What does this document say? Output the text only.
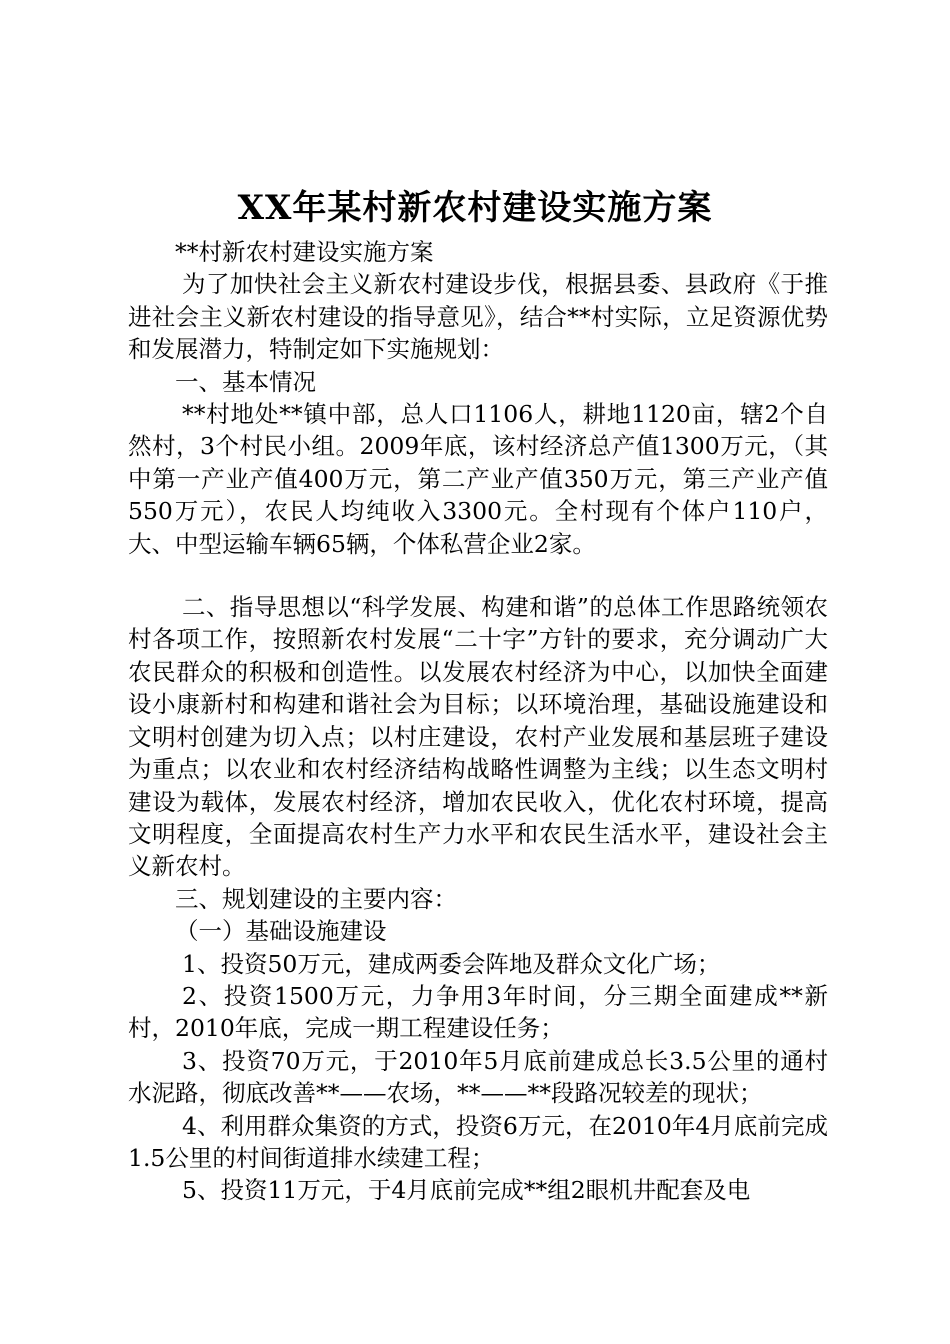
XX年某村新农村建设实施方案

**村新农村建设实施方案

为了加快社会主义新农村建设步伐，根据县委、县政府《于推进社会主义新农村建设的指导意见》，结合**村实际，立足资源优势和发展潜力，特制定如下实施规划：

一、基本情况

**村地处**镇中部，总人口1106人，耕地1120亩，辖2个自然村，3个村民小组。2009年底，该村经济总产值1300万元，（其中第一产业产值400万元，第二产业产值350万元，第三产业产值550万元），农民人均纯收入3300元。全村现有个体户110户，大、中型运输车辆65辆，个体私营企业2家。

二、指导思想以“科学发展、构建和谐”的总体工作思路统领农村各项工作，按照新农村发展“二十字”方针的要求，充分调动广大农民群众的积极和创造性。以发展农村经济为中心，以加快全面建设小康新村和构建和谐社会为目标；以环境治理，基础设施建设和文明村创建为切入点；以村庄建设，农村产业发展和基层班子建设为重点；以农业和农村经济结构战略性调整为主线；以生态文明村建设为载体，发展农村经济，增加农民收入，优化农村环境，提高文明程度，全面提高农村生产力水平和农民生活水平，建设社会主义新农村。

三、规划建设的主要内容：

（一）基础设施建设

1、投资50万元，建成两委会阵地及群众文化广场；

2、投资1500万元，力争用3年时间，分三期全面建成**新村，2010年底，完成一期工程建设任务；

3、投资70万元，于2010年5月底前建成总长3.5公里的通村水泥路，彻底改善**——农场，**——**段路况较差的现状；

4、利用群众集资的方式，投资6万元，在2010年4月底前完成1.5公里的村间街道排水续建工程；

5、投资11万元，于4月底前完成**组2眼机井配套及电
